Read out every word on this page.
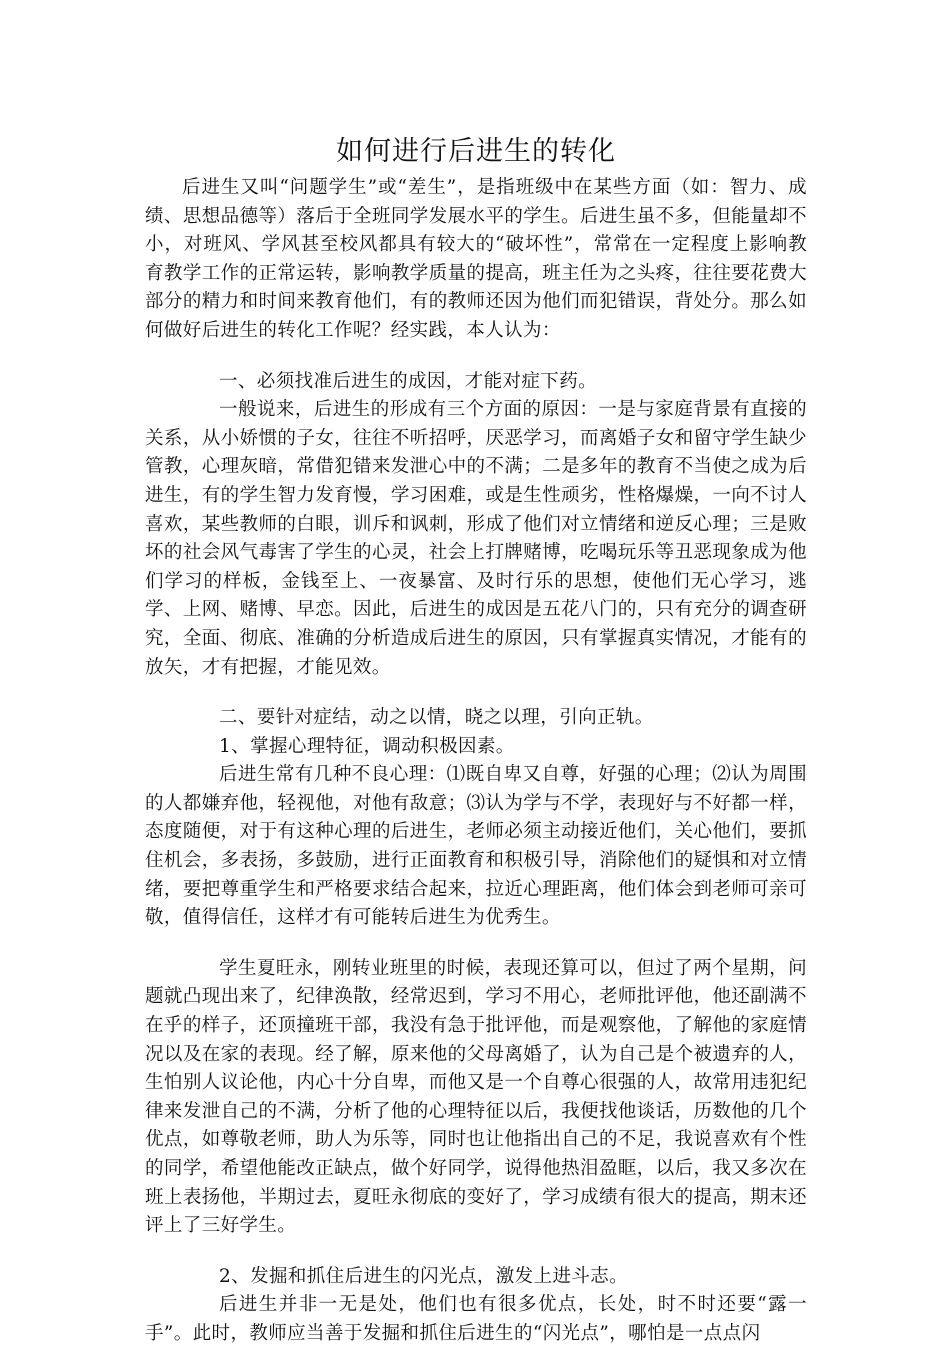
如何进行后进生的转化

后进生又叫“问题学生”或“差生”，是指班级中在某些方面（如：智力、成绩、思想品德等）落后于全班同学发展水平的学生。后进生虽不多，但能量却不小，对班风、学风甚至校风都具有较大的“破坏性”，常常在一定程度上影响教育教学工作的正常运转，影响教学质量的提高，班主任为之头疼，往往要花费大部分的精力和时间来教育他们，有的教师还因为他们而犯错误，背处分。那么如何做好后进生的转化工作呢？经实践，本人认为：

一、必须找准后进生的成因，才能对症下药。

一般说来，后进生的形成有三个方面的原因：一是与家庭背景有直接的关系，从小娇惯的子女，往往不听招呼，厌恶学习，而离婚子女和留守学生缺少管教，心理灰暗，常借犯错来发泄心中的不满；二是多年的教育不当使之成为后进生，有的学生智力发育慢，学习困难，或是生性顽劣，性格爆燥，一向不讨人喜欢，某些教师的白眼，训斥和讽刺，形成了他们对立情绪和逆反心理；三是败坏的社会风气毒害了学生的心灵，社会上打牌赌博，吃喝玩乐等丑恶现象成为他们学习的样板，金钱至上、一夜暴富、及时行乐的思想，使他们无心学习，逃学、上网、赌博、早恋。因此，后进生的成因是五花八门的，只有充分的调查研究，全面、彻底、准确的分析造成后进生的原因，只有掌握真实情况，才能有的放矢，才有把握，才能见效。

二、要针对症结，动之以情，晓之以理，引向正轨。

1、掌握心理特征，调动积极因素。

后进生常有几种不良心理：⑴既自卑又自尊，好强的心理；⑵认为周围的人都嫌弃他，轻视他，对他有敌意；⑶认为学与不学，表现好与不好都一样，态度随便，对于有这种心理的后进生，老师必须主动接近他们，关心他们，要抓住机会，多表扬，多鼓励，进行正面教育和积极引导，消除他们的疑惧和对立情绪，要把尊重学生和严格要求结合起来，拉近心理距离，他们体会到老师可亲可敬，值得信任，这样才有可能转后进生为优秀生。

学生夏旺永，刚转业班里的时候，表现还算可以，但过了两个星期，问题就凸现出来了，纪律涣散，经常迟到，学习不用心，老师批评他，他还副满不在乎的样子，还顶撞班干部，我没有急于批评他，而是观察他，了解他的家庭情况以及在家的表现。经了解，原来他的父母离婚了，认为自己是个被遗弃的人，生怕别人议论他，内心十分自卑，而他又是一个自尊心很强的人，故常用违犯纪律来发泄自己的不满，分析了他的心理特征以后，我便找他谈话，历数他的几个优点，如尊敬老师，助人为乐等，同时也让他指出自己的不足，我说喜欢有个性的同学，希望他能改正缺点，做个好同学，说得他热泪盈眶，以后，我又多次在班上表扬他，半期过去，夏旺永彻底的变好了，学习成绩有很大的提高，期末还评上了三好学生。

2、发掘和抓住后进生的闪光点，激发上进斗志。

后进生并非一无是处，他们也有很多优点，长处，时不时还要“露一手”。此时，教师应当善于发掘和抓住后进生的“闪光点”，哪怕是一点点闪
